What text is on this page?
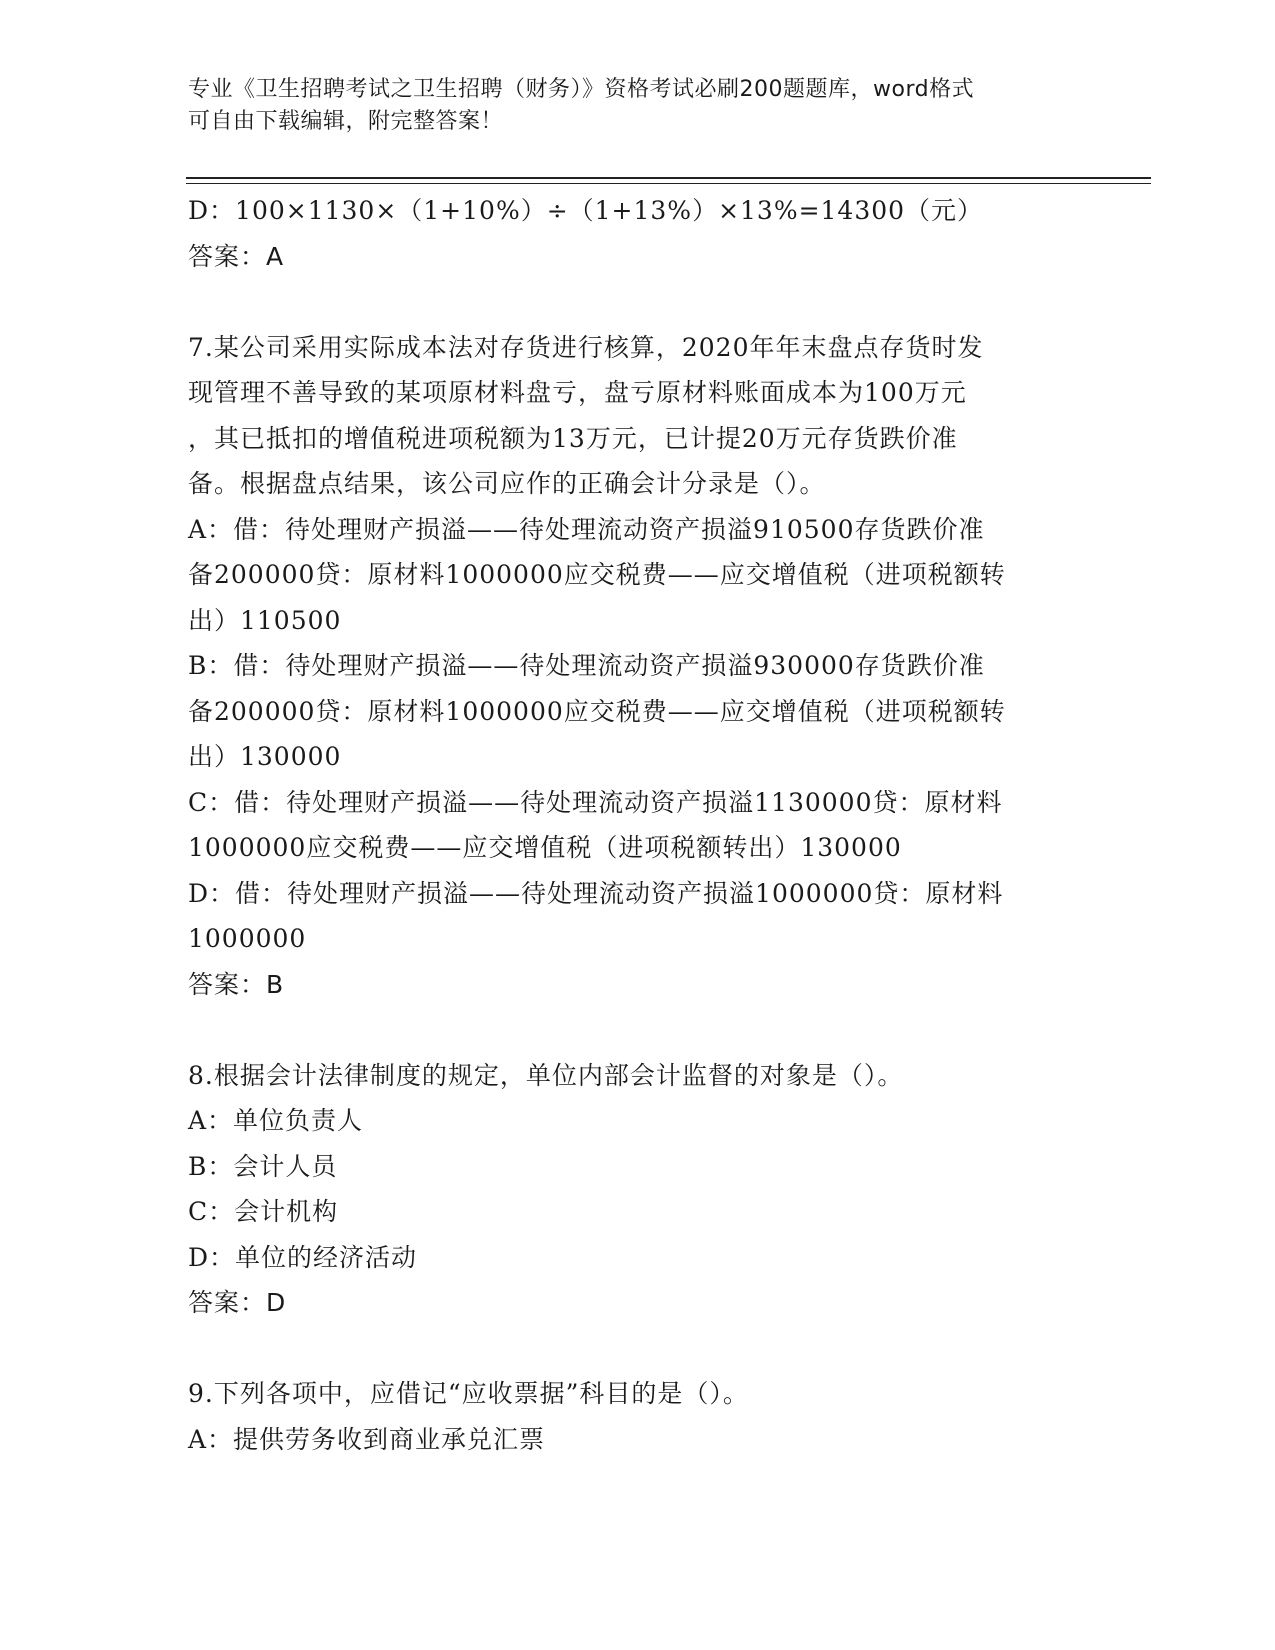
专业《卫生招聘考试之卫生招聘（财务）》资格考试必刷200题题库，word格式
可自由下载编辑，附完整答案！
D：100×1130×（1+10%）÷（1+13%）×13%=14300（元）
答案：A
7.某公司采用实际成本法对存货进行核算，2020年年末盘点存货时发
现管理不善导致的某项原材料盘亏，盘亏原材料账面成本为100万元
，其已抵扣的增值税进项税额为13万元，已计提20万元存货跌价准
备。根据盘点结果，该公司应作的正确会计分录是（）。
A：借：待处理财产损溢——待处理流动资产损溢910500存货跌价准
备200000贷：原材料1000000应交税费——应交增值税（进项税额转
出）110500
B：借：待处理财产损溢——待处理流动资产损溢930000存货跌价准
备200000贷：原材料1000000应交税费——应交增值税（进项税额转
出）130000
C：借：待处理财产损溢——待处理流动资产损溢1130000贷：原材料
1000000应交税费——应交增值税（进项税额转出）130000
D：借：待处理财产损溢——待处理流动资产损溢1000000贷：原材料
1000000
答案：B
8.根据会计法律制度的规定，单位内部会计监督的对象是（）。
A：单位负责人
B：会计人员
C：会计机构
D：单位的经济活动
答案：D
9.下列各项中，应借记“应收票据”科目的是（）。
A：提供劳务收到商业承兑汇票
